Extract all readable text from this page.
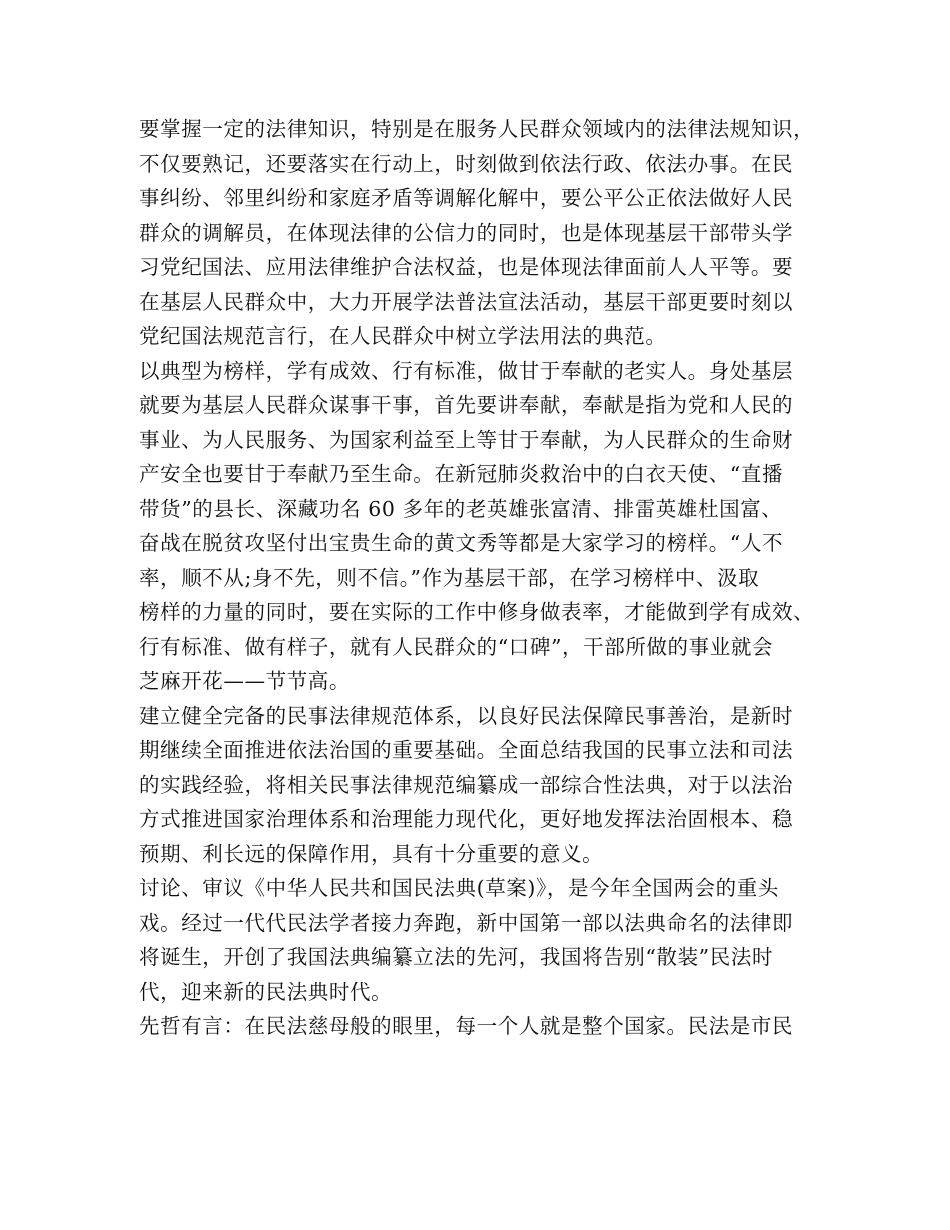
要掌握一定的法律知识，特别是在服务人民群众领域内的法律法规知识，
不仅要熟记，还要落实在行动上，时刻做到依法行政、依法办事。在民
事纠纷、邻里纠纷和家庭矛盾等调解化解中，要公平公正依法做好人民
群众的调解员，在体现法律的公信力的同时，也是体现基层干部带头学
习党纪国法、应用法律维护合法权益，也是体现法律面前人人平等。要
在基层人民群众中，大力开展学法普法宣法活动，基层干部更要时刻以
党纪国法规范言行，在人民群众中树立学法用法的典范。
以典型为榜样，学有成效、行有标准，做甘于奉献的老实人。身处基层
就要为基层人民群众谋事干事，首先要讲奉献，奉献是指为党和人民的
事业、为人民服务、为国家利益至上等甘于奉献，为人民群众的生命财
产安全也要甘于奉献乃至生命。在新冠肺炎救治中的白衣天使、“直播
带货”的县长、深藏功名 60 多年的老英雄张富清、排雷英雄杜国富、
奋战在脱贫攻坚付出宝贵生命的黄文秀等都是大家学习的榜样。“人不
率，顺不从;身不先，则不信。”作为基层干部，在学习榜样中、汲取
榜样的力量的同时，要在实际的工作中修身做表率，才能做到学有成效、
行有标准、做有样子，就有人民群众的“口碑”，干部所做的事业就会
芝麻开花——节节高。
建立健全完备的民事法律规范体系，以良好民法保障民事善治，是新时
期继续全面推进依法治国的重要基础。全面总结我国的民事立法和司法
的实践经验，将相关民事法律规范编纂成一部综合性法典，对于以法治
方式推进国家治理体系和治理能力现代化，更好地发挥法治固根本、稳
预期、利长远的保障作用，具有十分重要的意义。
讨论、审议《中华人民共和国民法典(草案)》，是今年全国两会的重头
戏。经过一代代民法学者接力奔跑，新中国第一部以法典命名的法律即
将诞生，开创了我国法典编纂立法的先河，我国将告别“散装”民法时
代，迎来新的民法典时代。
先哲有言：在民法慈母般的眼里，每一个人就是整个国家。民法是市民
